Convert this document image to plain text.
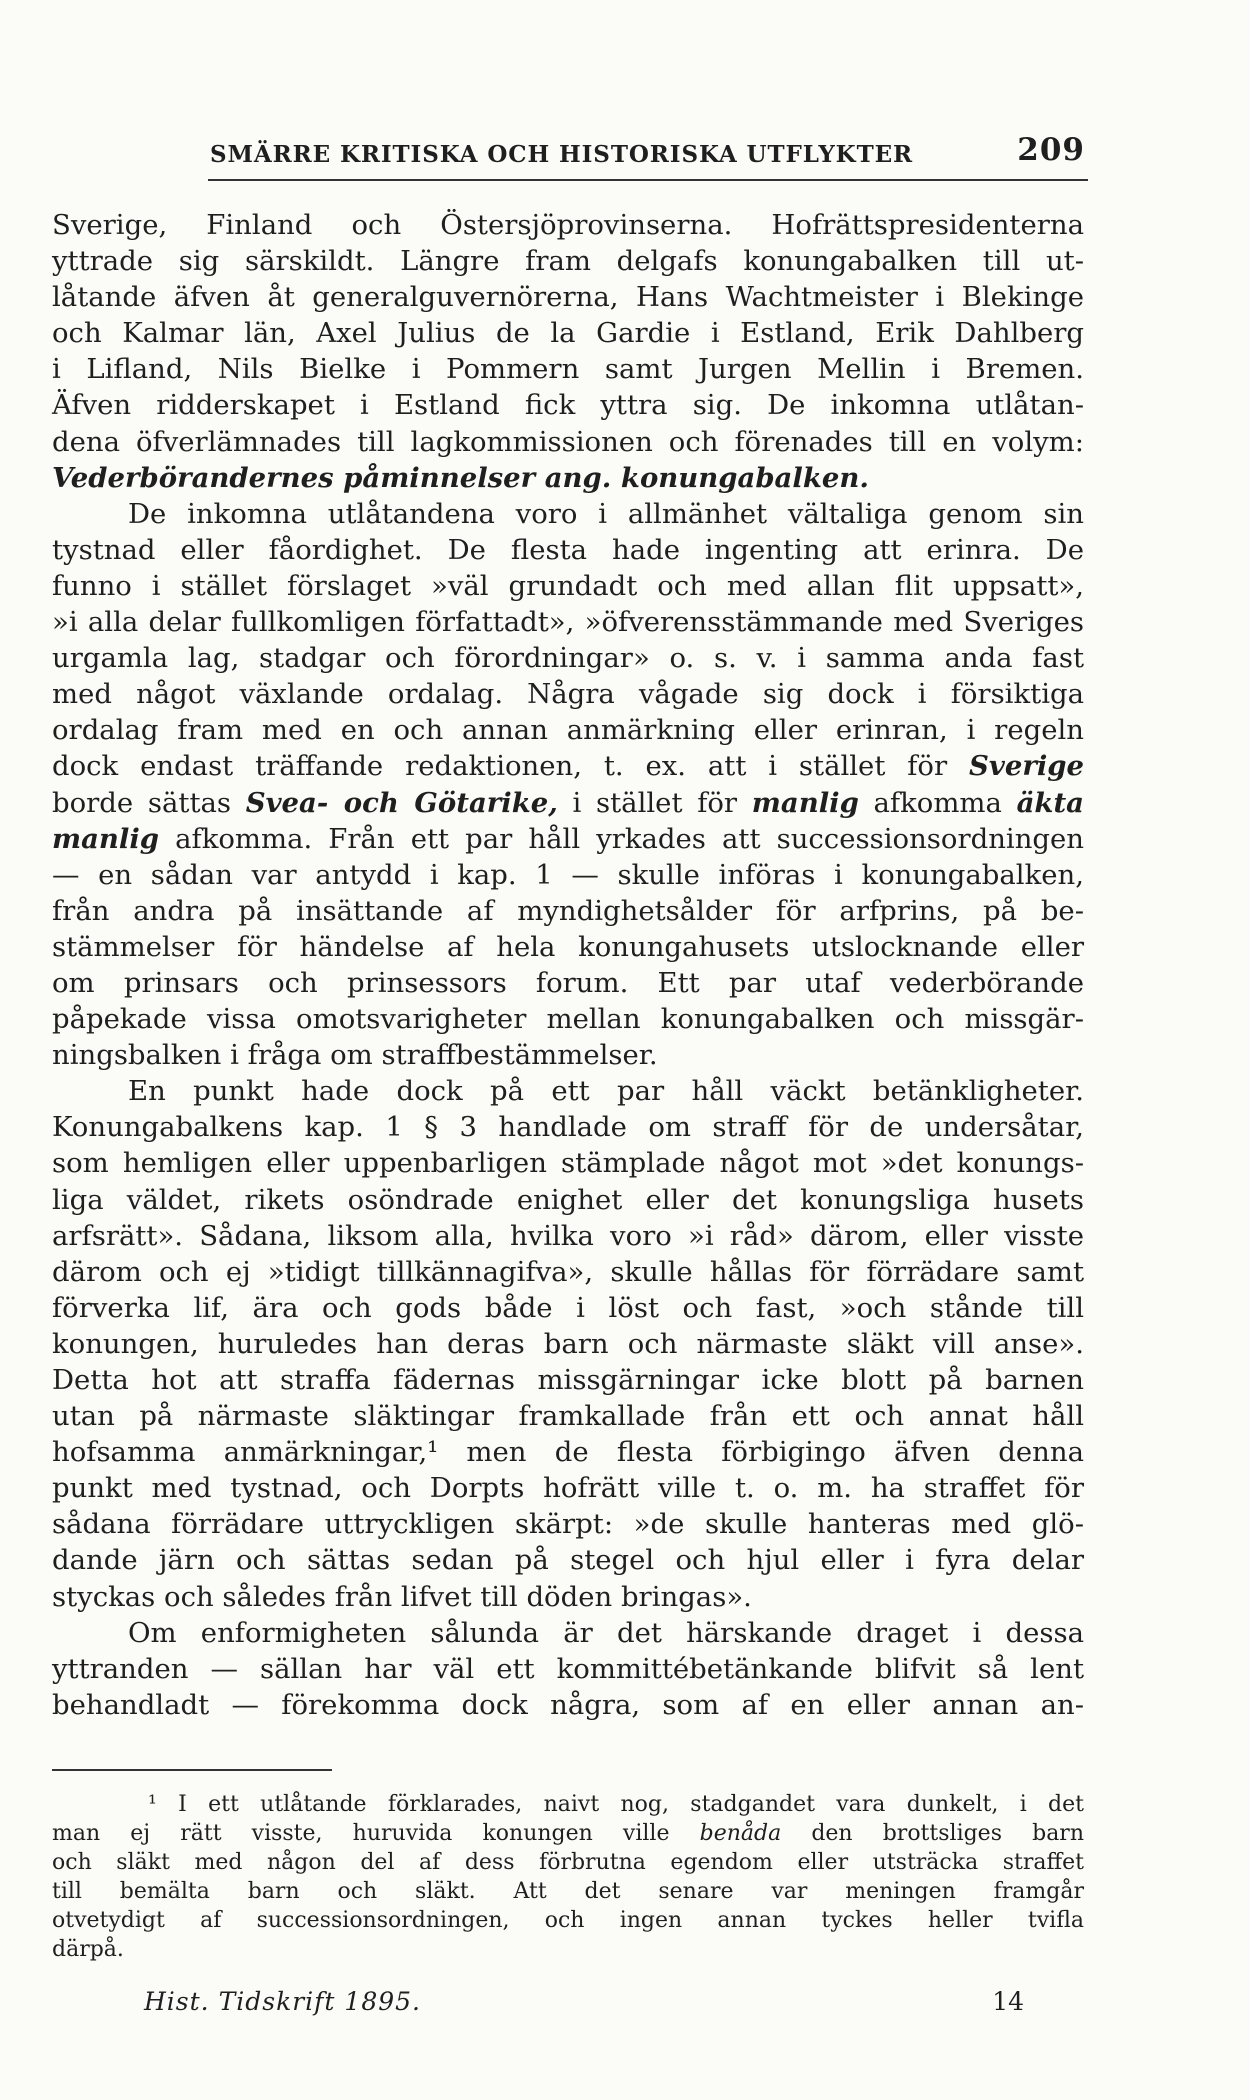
SMÄRRE KRITISKA OCH HISTORISKA UTFLYKTER	209
Sverige, Finland och Östersjöprovinserna. Hofrättspresidenterna
yttrade sig särskildt. Längre fram delgafs konungabalken till ut-
låtande äfven åt generalguvernörerna, Hans Wachtmeister i Blekinge
och Kalmar län, Axel Julius de la Gardie i Estland, Erik Dahlberg
i Lifland, Nils Bielke i Pommern samt Jurgen Mellin i Bremen.
Äfven ridderskapet i Estland fick yttra sig. De inkomna utlåtan-
dena öfverlämnades till lagkommissionen och förenades till en volym:
Vederbörandernes påminnelser ang. konungabalken.
De inkomna utlåtandena voro i allmänhet vältaliga genom sin
tystnad eller fåordighet. De flesta hade ingenting att erinra. De
funno i stället förslaget »väl grundadt och med allan flit uppsatt»,
»i alla delar fullkomligen författadt», »öfverensstämmande med Sveriges
urgamla lag, stadgar och förordningar» o. s. v. i samma anda fast
med något växlande ordalag. Några vågade sig dock i försiktiga
ordalag fram med en och annan anmärkning eller erinran, i regeln
dock endast träffande redaktionen, t. ex. att i stället för Sverige
borde sättas Svea- och Götarike, i stället för manlig afkomma äkta
manlig afkomma. Från ett par håll yrkades att successionsordningen
— en sådan var antydd i kap. 1 — skulle införas i konungabalken,
från andra på insättande af myndighetsålder för arfprins, på be-
stämmelser för händelse af hela konungahusets utslocknande eller
om prinsars och prinsessors forum. Ett par utaf vederbörande
påpekade vissa omotsvarigheter mellan konungabalken och missgär-
ningsbalken i fråga om straffbestämmelser.
En punkt hade dock på ett par håll väckt betänkligheter.
Konungabalkens kap. 1 § 3 handlade om straff för de undersåtar,
som hemligen eller uppenbarligen stämplade något mot »det konungs-
liga väldet, rikets osöndrade enighet eller det konungsliga husets
arfsrätt». Sådana, liksom alla, hvilka voro »i råd» därom, eller visste
därom och ej »tidigt tillkännagifva», skulle hållas för förrädare samt
förverka lif, ära och gods både i löst och fast, »och stånde till
konungen, huruledes han deras barn och närmaste släkt vill anse».
Detta hot att straffa fädernas missgärningar icke blott på barnen
utan på närmaste släktingar framkallade från ett och annat håll
hofsamma anmärkningar,¹ men de flesta förbigingo äfven denna
punkt med tystnad, och Dorpts hofrätt ville t. o. m. ha straffet för
sådana förrädare uttryckligen skärpt: »de skulle hanteras med glö-
dande järn och sättas sedan på stegel och hjul eller i fyra delar
styckas och således från lifvet till döden bringas».
Om enformigheten sålunda är det härskande draget i dessa
yttranden — sällan har väl ett kommittébetänkande blifvit så lent
behandladt — förekomma dock några, som af en eller annan an-
¹ I ett utlåtande förklarades, naivt nog, stadgandet vara dunkelt, i det
man ej rätt visste, huruvida konungen ville benåda den brottsliges barn
och släkt med någon del af dess förbrutna egendom eller utsträcka straffet
till bemälta barn och släkt. Att det senare var meningen framgår
otvetydigt af successionsordningen, och ingen annan tyckes heller tvifla
därpå.
Hist. Tidskrift 1895.	14
